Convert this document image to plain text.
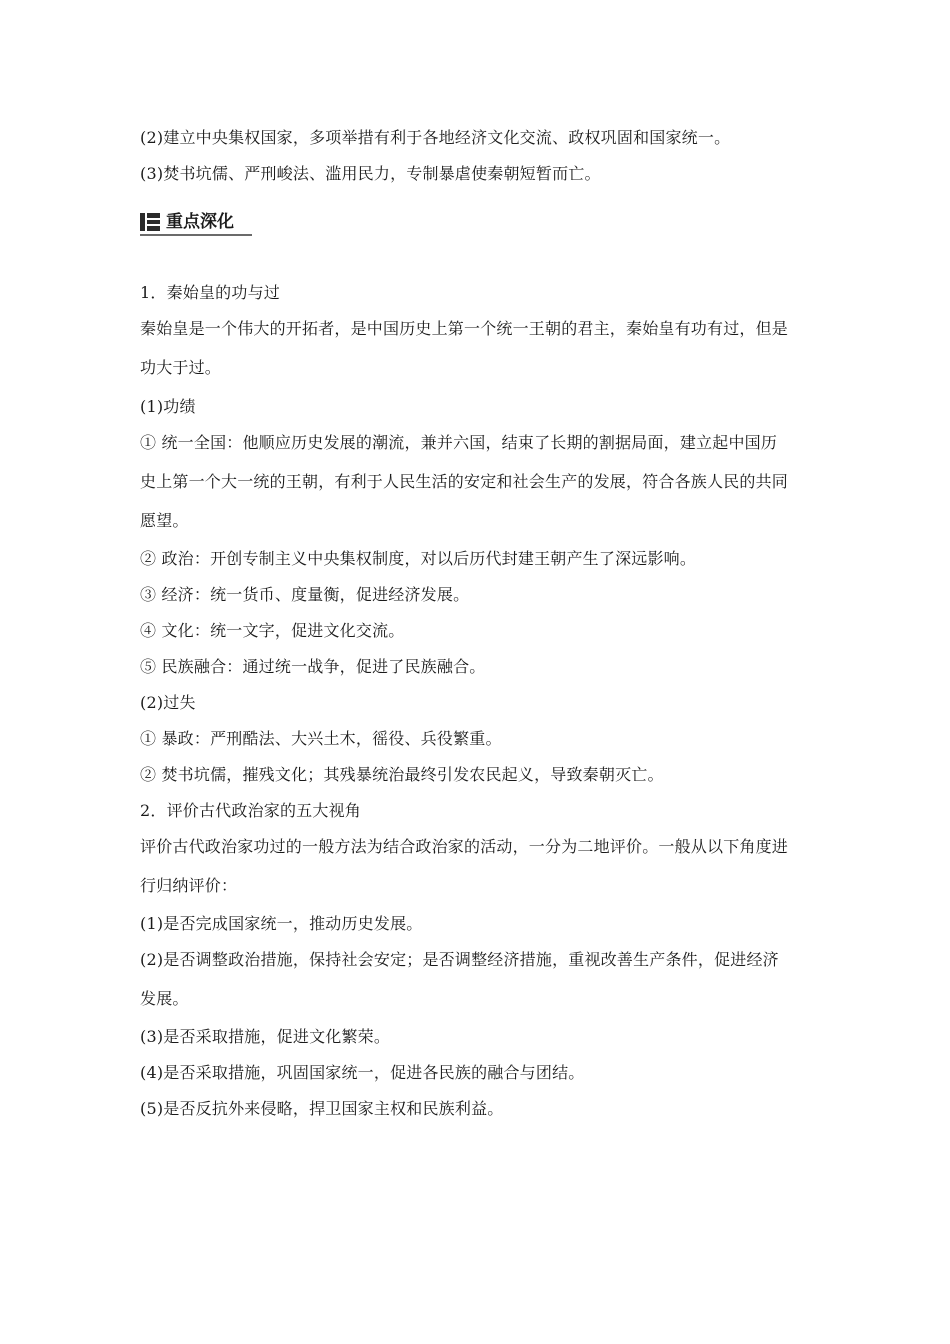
(2)建立中央集权国家，多项举措有利于各地经济文化交流、政权巩固和国家统一。
(3)焚书坑儒、严刑峻法、滥用民力，专制暴虐使秦朝短暂而亡。
重点深化
1．秦始皇的功与过
秦始皇是一个伟大的开拓者，是中国历史上第一个统一王朝的君主，秦始皇有功有过，但是
功大于过。
(1)功绩
① 统一全国：他顺应历史发展的潮流，兼并六国，结束了长期的割据局面，建立起中国历
史上第一个大一统的王朝，有利于人民生活的安定和社会生产的发展，符合各族人民的共同
愿望。
② 政治：开创专制主义中央集权制度，对以后历代封建王朝产生了深远影响。
③ 经济：统一货币、度量衡，促进经济发展。
④ 文化：统一文字，促进文化交流。
⑤ 民族融合：通过统一战争，促进了民族融合。
(2)过失
① 暴政：严刑酷法、大兴土木，徭役、兵役繁重。
② 焚书坑儒，摧残文化；其残暴统治最终引发农民起义，导致秦朝灭亡。
2．评价古代政治家的五大视角
评价古代政治家功过的一般方法为结合政治家的活动，一分为二地评价。一般从以下角度进
行归纳评价：
(1)是否完成国家统一，推动历史发展。
(2)是否调整政治措施，保持社会安定；是否调整经济措施，重视改善生产条件，促进经济
发展。
(3)是否采取措施，促进文化繁荣。
(4)是否采取措施，巩固国家统一，促进各民族的融合与团结。
(5)是否反抗外来侵略，捍卫国家主权和民族利益。
